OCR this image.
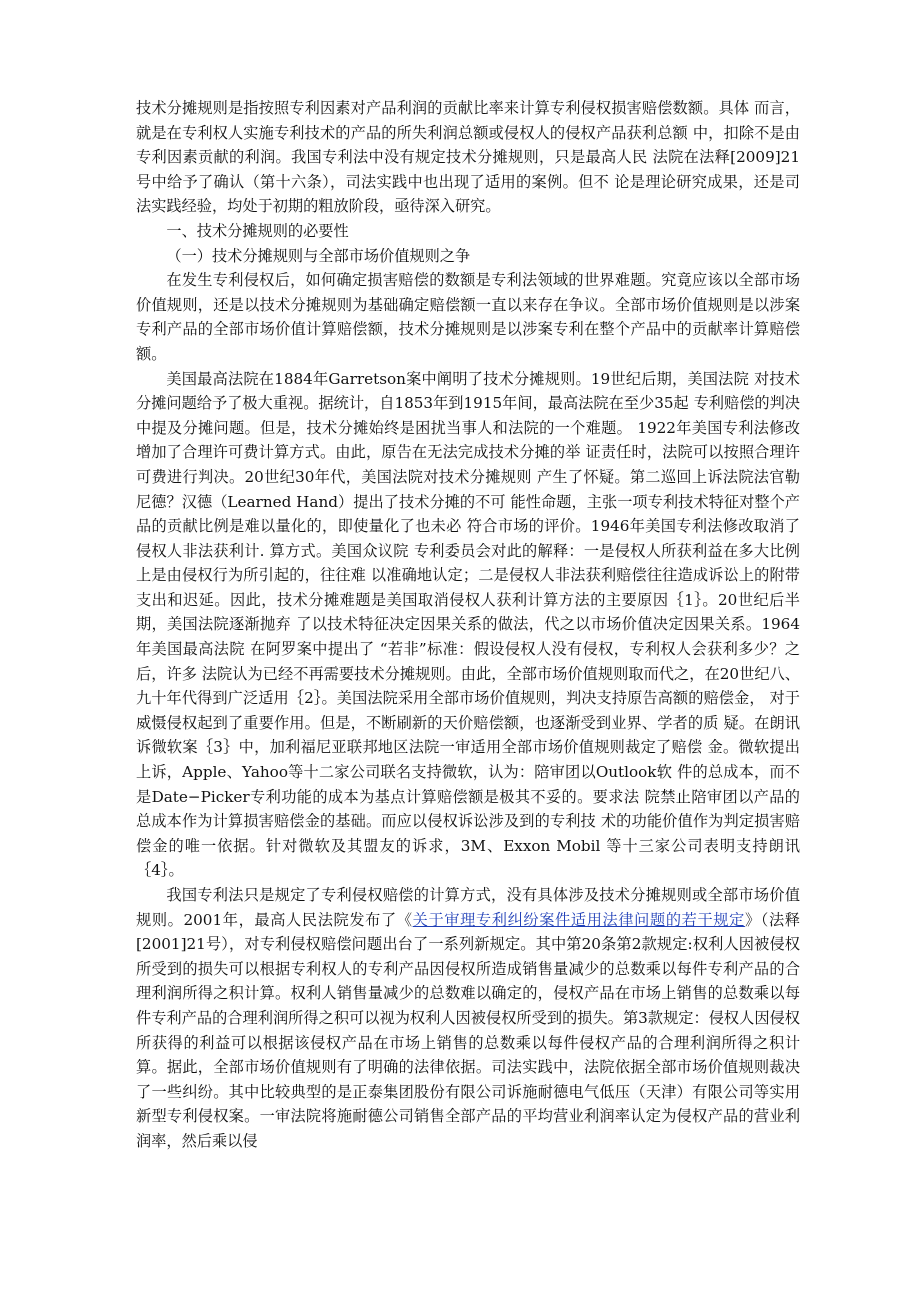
技术分摊规则是指按照专利因素对产品利润的贡献比率来计算专利侵权损害赔偿数额。具体 而言，就是在专利权人实施专利技术的产品的所失利润总额或侵权人的侵权产品获利总额 中，扣除不是由专利因素贡献的利润。我国专利法中没有规定技术分摊规则，只是最高人民 法院在法释[2009]21号中给予了确认（第十六条），司法实践中也出现了适用的案例。但不 论是理论研究成果，还是司法实践经验，均处于初期的粗放阶段，亟待深入研究。

一、技术分摊规则的必要性

（一）技术分摊规则与全部市场价值规则之争

在发生专利侵权后，如何确定损害赔偿的数额是专利法领域的世界难题。究竟应该以全部市场价值规则，还是以技术分摊规则为基础确定赔偿额一直以来存在争议。全部市场价值规则是以涉案专利产品的全部市场价值计算赔偿额，技术分摊规则是以涉案专利在整个产品中的贡献率计算赔偿额。

美国最高法院在1884年Garretson案中阐明了技术分摊规则。19世纪后期，美国法院 对技术分摊问题给予了极大重视。据统计，自1853年到1915年间，最高法院在至少35起 专利赔偿的判决中提及分摊问题。但是，技术分摊始终是困扰当事人和法院的一个难题。 1922年美国专利法修改增加了合理许可费计算方式。由此，原告在无法完成技术分摊的举 证责任时，法院可以按照合理许可费进行判决。20世纪30年代，美国法院对技术分摊规则 产生了怀疑。第二巡回上诉法院法官勒尼德？汉德（Learned Hand）提出了技术分摊的不可 能性命题，主张一项专利技术特征对整个产品的贡献比例是难以量化的，即使量化了也未必 符合市场的评价。1946年美国专利法修改取消了侵权人非法获利计. 算方式。美国众议院 专利委员会对此的解释：一是侵权人所获利益在多大比例上是由侵权行为所引起的，往往难 以准确地认定；二是侵权人非法获利赔偿往往造成诉讼上的附带支出和迟延。因此，技术分摊难题是美国取消侵权人获利计算方法的主要原因｛1｝。20世纪后半期，美国法院逐渐抛弃 了以技术特征决定因果关系的做法，代之以市场价值决定因果关系。1964年美国最高法院 在阿罗案中提出了 “若非”标准：假设侵权人没有侵权，专利权人会获利多少？之后，许多 法院认为已经不再需要技术分摊规则。由此，全部市场价值规则取而代之，在20世纪八、 九十年代得到广泛适用｛2｝。美国法院采用全部市场价值规则，判决支持原告高额的赔偿金， 对于威慑侵权起到了重要作用。但是，不断刷新的天价赔偿额，也逐渐受到业界、学者的质 疑。在朗讯诉微软案｛3｝中，加利福尼亚联邦地区法院一审适用全部市场价值规则裁定了赔偿 金。微软提出上诉，Apple、Yahoo等十二家公司联名支持微软，认为：陪审团以Outlook软 件的总成本，而不是Date−Picker专利功能的成本为基点计算赔偿额是极其不妥的。要求法 院禁止陪审团以产品的总成本作为计算损害赔偿金的基础。而应以侵权诉讼涉及到的专利技 术的功能价值作为判定损害赔偿金的唯一依据。针对微软及其盟友的诉求，3M、Exxon Mobil 等十三家公司表明支持朗讯｛4｝。

我国专利法只是规定了专利侵权赔偿的计算方式，没有具体涉及技术分摊规则或全部市场价值规则。2001年，最高人民法院发布了《关于审理专利纠纷案件适用法律问题的若干规定》（法释[2001]21号），对专利侵权赔偿问题出台了一系列新规定。其中第20条第2款规定:权利人因被侵权所受到的损失可以根据专利权人的专利产品因侵权所造成销售量减少的总数乘以每件专利产品的合理利润所得之积计算。权利人销售量减少的总数难以确定的，侵权产品在市场上销售的总数乘以每件专利产品的合理利润所得之积可以视为权利人因被侵权所受到的损失。第3款规定：侵权人因侵权所获得的利益可以根据该侵权产品在市场上销售的总数乘以每件侵权产品的合理利润所得之积计算。据此，全部市场价值规则有了明确的法律依据。司法实践中，法院依据全部市场价值规则裁决了一些纠纷。其中比较典型的是正泰集团股份有限公司诉施耐德电气低压（天津）有限公司等实用新型专利侵权案。一审法院将施耐德公司销售全部产品的平均营业利润率认定为侵权产品的营业利润率，然后乘以侵
